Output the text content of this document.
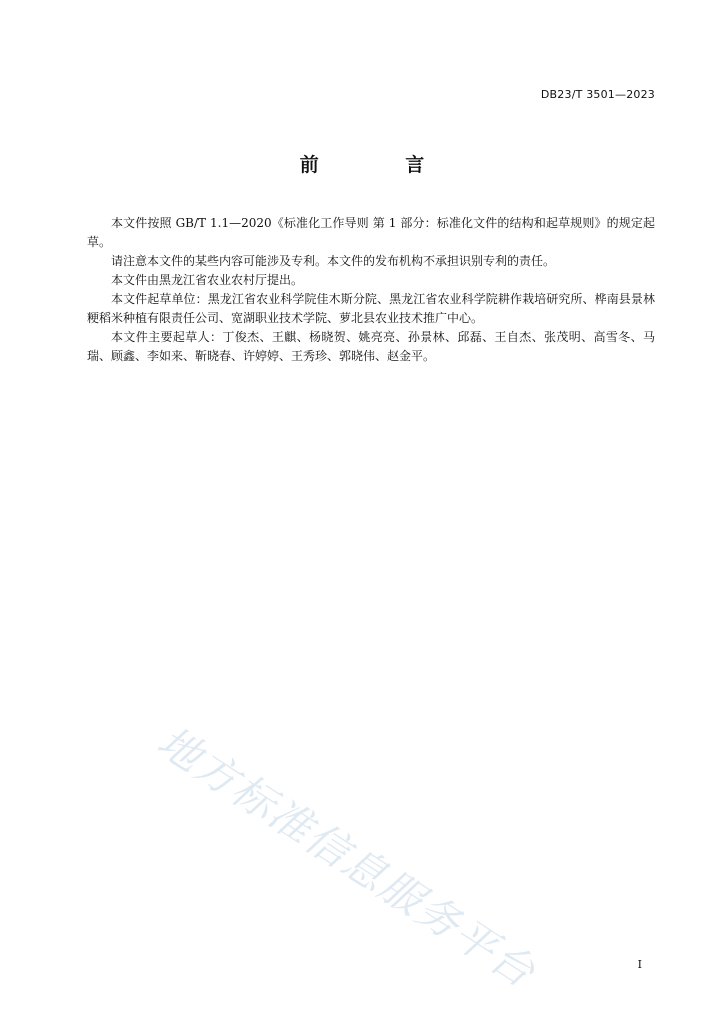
DB23/T 3501—2023
前 言

本文件按照 GB/T 1.1—2020《标准化工作导则 第 1 部分：标准化文件的结构和起草规则》的规定起草。

请注意本文件的某些内容可能涉及专利。本文件的发布机构不承担识别专利的责任。

本文件由黑龙江省农业农村厅提出。

本文件起草单位：黑龙江省农业科学院佳木斯分院、黑龙江省农业科学院耕作栽培研究所、桦南县景林粳稻米种植有限责任公司、宽湖职业技术学院、萝北县农业技术推广中心。

本文件主要起草人：丁俊杰、王麒、杨晓贺、姚亮亮、孙景林、邱磊、王自杰、张茂明、高雪冬、马瑞、顾鑫、李如来、靳晓春、许婷婷、王秀珍、郭晓伟、赵金平。

地方标准信息服务平台	I
